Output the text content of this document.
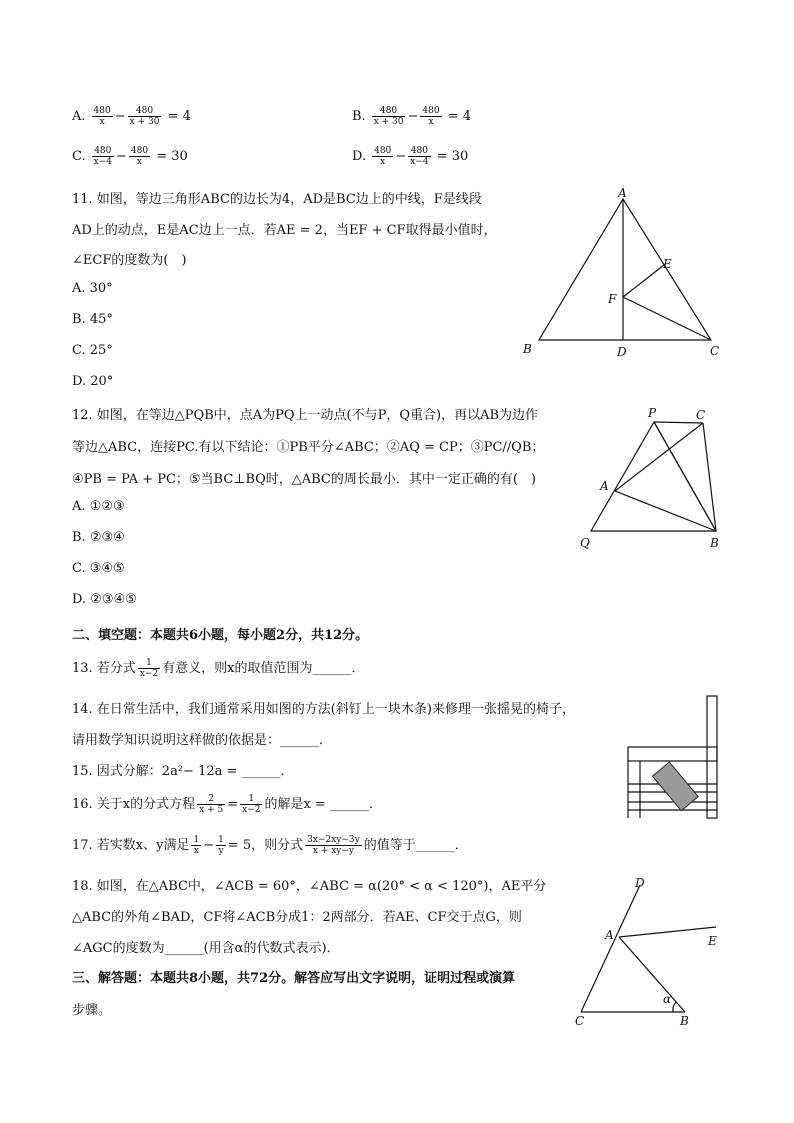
A. $\frac{480}{x} - \frac{480}{x + 30} = 4$	B. $\frac{480}{x + 30} - \frac{480}{x} = 4$
C. $\frac{480}{x-4} - \frac{480}{x} = 30$	D. $\frac{480}{x} - \frac{480}{x-4} = 30$
11. 如图，等边三角形ABC的边长为4，AD是BC边上的中线，F是线段
AD上的动点，E是AC边上一点．若AE = 2，当EF + CF取得最小值时，
∠ECF的度数为(　)
A. 30°
B. 45°
C. 25°
D. 20°
A
B	C
D
E
F
12. 如图，在等边△PQB中，点A为PQ上一动点(不与P，Q重合)，再以AB为边作
等边△ABC，连接PC.有以下结论：①PB平分∠ABC；②AQ = CP；③PC//QB；
④PB = PA + PC；⑤当BC⊥BQ时，△ABC的周长最小．其中一定正确的有(　)
A. ①②③
B. ②③④
C. ③④⑤
D. ②③④⑤
P	C
A
Q	B
二、填空题：本题共6小题，每小题2分，共12分。
13. 若分式 $\frac{1}{x-2}$ 有意义，则x的取值范围为______．
14. 在日常生活中，我们通常采用如图的方法(斜钉上一块木条)来修理一张摇晃的椅子，
请用数学知识说明这样做的依据是：______．
15. 因式分解：2a²− 12a = ______．
16. 关于x的分式方程 $\frac{2}{x + 5} = \frac{1}{x-2}$ 的解是x = ______．
17. 若实数x、y满足 $\frac{1}{x} - \frac{1}{y} = 5$，则分式 $\frac{3x-2xy-3y}{x + xy-y}$ 的值等于______．
18. 如图，在△ABC中，∠ACB = 60°，∠ABC = α(20° < α < 120°)，AE平分
△ABC的外角∠BAD，CF将∠ACB分成1：2两部分．若AE、CF交于点G，则
∠AGC的度数为______(用含α的代数式表示)．
D
A	E
C	B
α
三、解答题：本题共8小题，共72分。解答应写出文字说明，证明过程或演算
步骤。
